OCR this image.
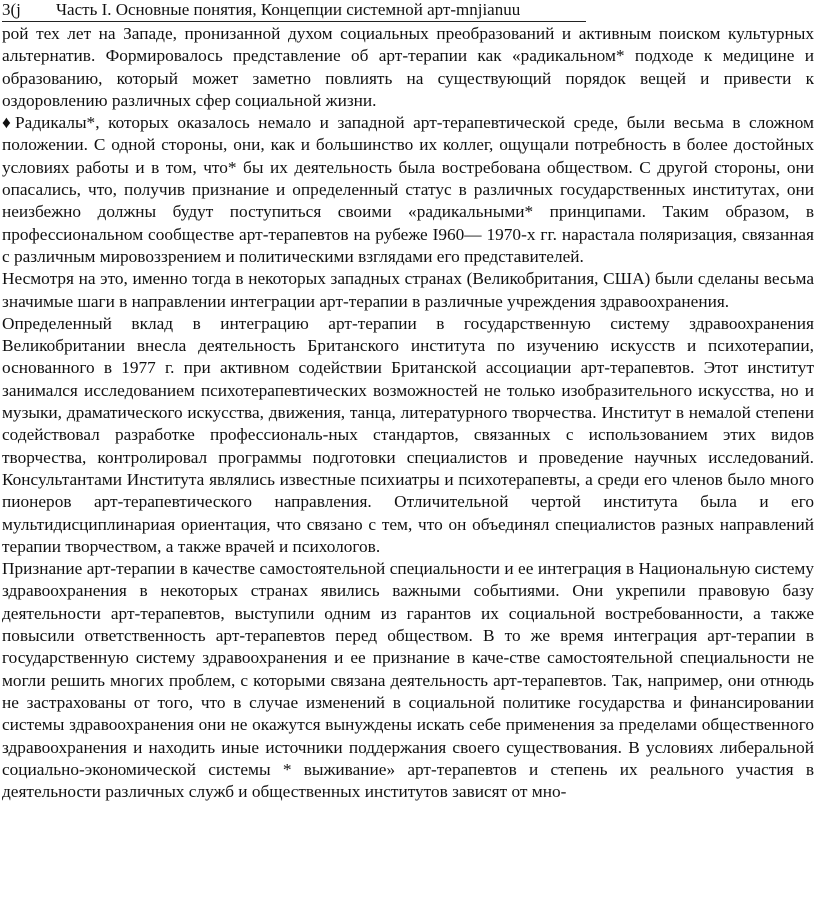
3(j	Часть I. Основные понятия, Концепции системной арт-mnjianuu

рой тех лет на Западе, пронизанной духом социальных преобразований и активным поиском культурных альтернатив. Формировалось представление об арт-терапии как «радикальном* подходе к медицине и образованию, который может заметно повлиять на существующий порядок вещей и привести к оздоровлению различных сфер социальной жизни.

♦Радикалы*, которых оказалось немало и западной арт-терапевтической среде, были весьма в сложном положении. С одной стороны, они, как и большинство их коллег, ощущали потребность в более достойных условиях работы и в том, что* бы их деятельность была востребована обществом. С другой стороны, они опасались, что, получив признание и определенный статус в различных государственных институтах, они неизбежно должны будут поступиться своими «радикальными* принципами. Таким образом, в профессиональном сообществе арт-терапевтов на рубеже I960— 1970-х гг. нарастала поляризация, связанная с различным мировоззрением и политическими взглядами его представителей.

Несмотря на это, именно тогда в некоторых западных странах (Великобритания, США) были сделаны весьма значимые шаги в направлении интеграции арт-терапии в различные учреждения здравоохранения.

Определенный вклад в интеграцию арт-терапии в государственную систему здравоохранения Великобритании внесла деятельность Британского института по изучению искусств и психотерапии, основанного в 1977 г. при активном содействии Британской ассоциации арт-терапевтов. Этот институт занимался исследованием психотерапевтических возможностей не только изобразительного искусства, но и музыки, драматического искусства, движения, танца, литературного творчества. Институт в немалой степени содействовал разработке профессиональ-ных стандартов, связанных с использованием этих видов творчества, контролировал программы подготовки специалистов и проведение научных исследований. Консультантами Института являлись известные психиатры и психотерапевты, а среди его членов было много пионеров арт-терапевтического направления. Отличительной чертой института была и его мультидисциплинариая ориентация, что связано с тем, что он объединял специалистов разных направлений терапии творчеством, а также врачей и психологов.

Признание арт-терапии в качестве самостоятельной специальности и ее интеграция в Национальную систему здравоохранения в некоторых странах явились важными событиями. Они укрепили правовую базу деятельности арт-терапевтов, выступили одним из гарантов их социальной востребованности, а также повысили ответственность арт-терапевтов перед обществом. В то же время интеграция арт-терапии в государственную систему здравоохранения и ее признание в каче-стве самостоятельной специальности не могли решить многих проблем, с которыми связана деятельность арт-терапевтов. Так, например, они отнюдь не застрахованы от того, что в случае изменений в социальной политике государства и финансировании системы здравоохранения они не окажутся вынуждены искать себе применения за пределами общественного здравоохранения и находить иные источники поддержания своего существования. В условиях либеральной социально-экономической системы * выживание» арт-терапевтов и степень их реального участия в деятельности различных служб и общественных институтов зависят от мно-
